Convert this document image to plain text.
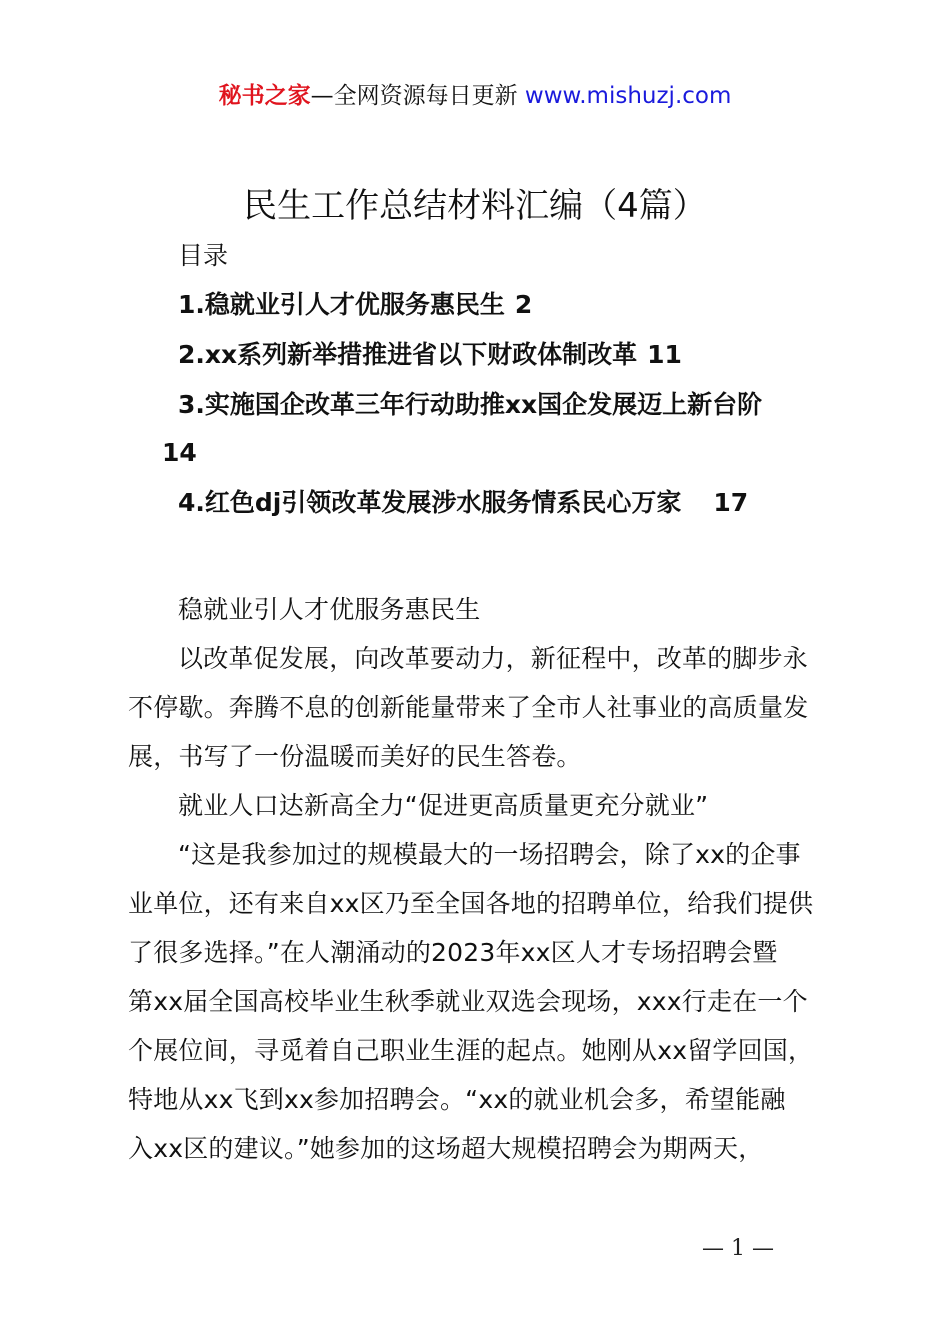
秘书之家—全网资源每日更新 www.mishuzj.com
民生工作总结材料汇编（4篇）
目录
1.稳就业引人才优服务惠民生 2
2.xx系列新举措推进省以下财政体制改革 11
3.实施国企改革三年行动助推xx国企发展迈上新台阶
14
4.红色dj引领改革发展涉水服务情系民心万家 17
稳就业引人才优服务惠民生
以改革促发展，向改革要动力，新征程中，改革的脚步永
不停歇。奔腾不息的创新能量带来了全市人社事业的高质量发
展，书写了一份温暖而美好的民生答卷。
就业人口达新高全力“促进更高质量更充分就业”
“这是我参加过的规模最大的一场招聘会，除了xx的企事
业单位，还有来自xx区乃至全国各地的招聘单位，给我们提供
了很多选择。”在人潮涌动的2023年xx区人才专场招聘会暨
第xx届全国高校毕业生秋季就业双选会现场，xxx行走在一个
个展位间，寻觅着自己职业生涯的起点。她刚从xx留学回国，
特地从xx飞到xx参加招聘会。“xx的就业机会多，希望能融
入xx区的建议。”她参加的这场超大规模招聘会为期两天，
— 1 —
